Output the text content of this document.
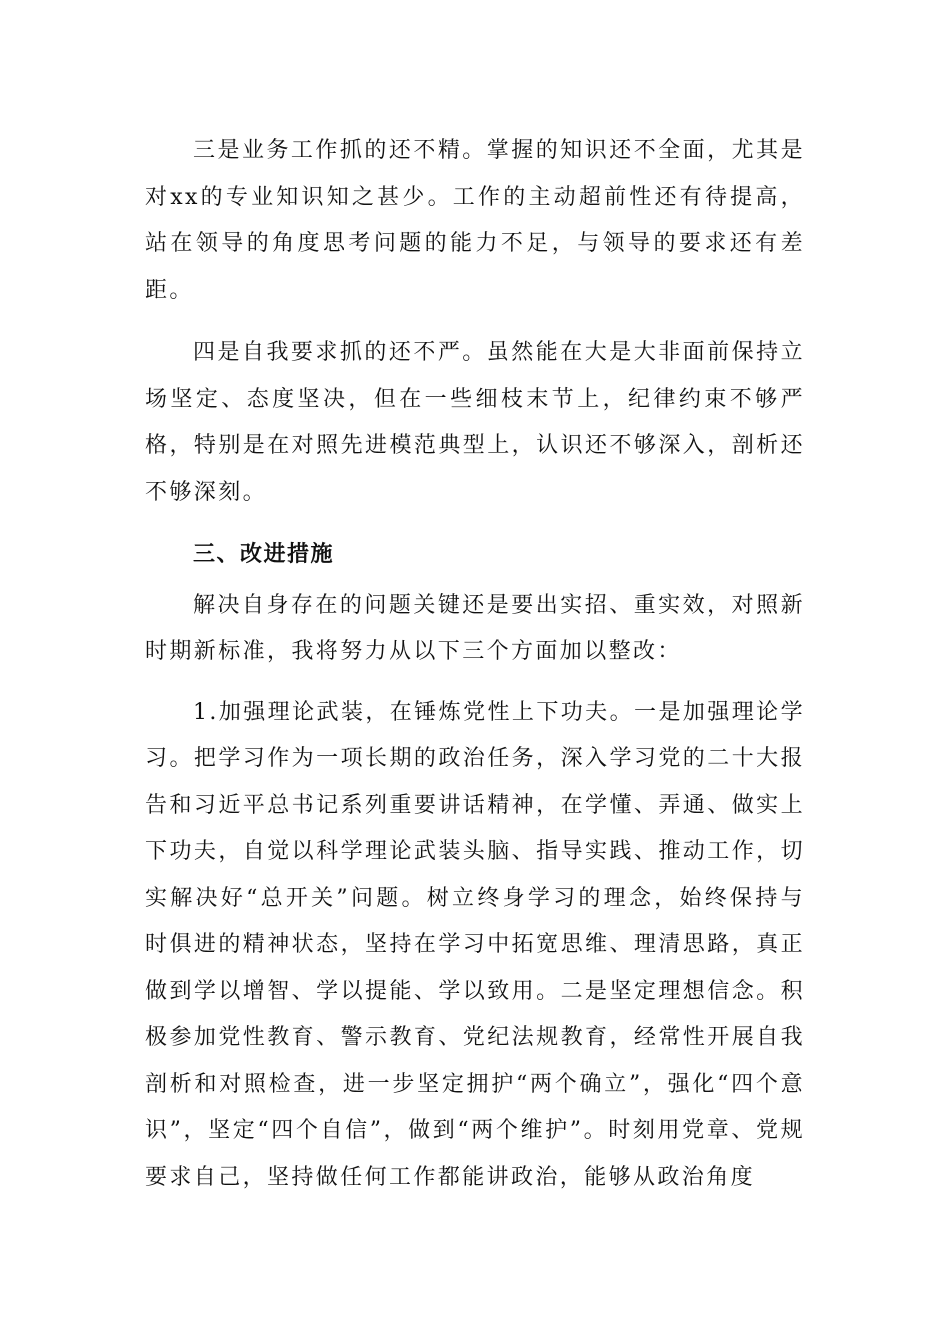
三是业务工作抓的还不精。掌握的知识还不全面，尤其是对xx的专业知识知之甚少。工作的主动超前性还有待提高，站在领导的角度思考问题的能力不足，与领导的要求还有差距。

四是自我要求抓的还不严。虽然能在大是大非面前保持立场坚定、态度坚决，但在一些细枝末节上，纪律约束不够严格，特别是在对照先进模范典型上，认识还不够深入，剖析还不够深刻。

三、改进措施

解决自身存在的问题关键还是要出实招、重实效，对照新时期新标准，我将努力从以下三个方面加以整改：

1.加强理论武装，在锤炼党性上下功夫。一是加强理论学习。把学习作为一项长期的政治任务，深入学习党的二十大报告和习近平总书记系列重要讲话精神，在学懂、弄通、做实上下功夫，自觉以科学理论武装头脑、指导实践、推动工作，切实解决好“总开关”问题。树立终身学习的理念，始终保持与时俱进的精神状态，坚持在学习中拓宽思维、理清思路，真正做到学以增智、学以提能、学以致用。二是坚定理想信念。积极参加党性教育、警示教育、党纪法规教育，经常性开展自我剖析和对照检查，进一步坚定拥护“两个确立”，强化“四个意识”，坚定“四个自信”，做到“两个维护”。时刻用党章、党规要求自己，坚持做任何工作都能讲政治，能够从政治角度
